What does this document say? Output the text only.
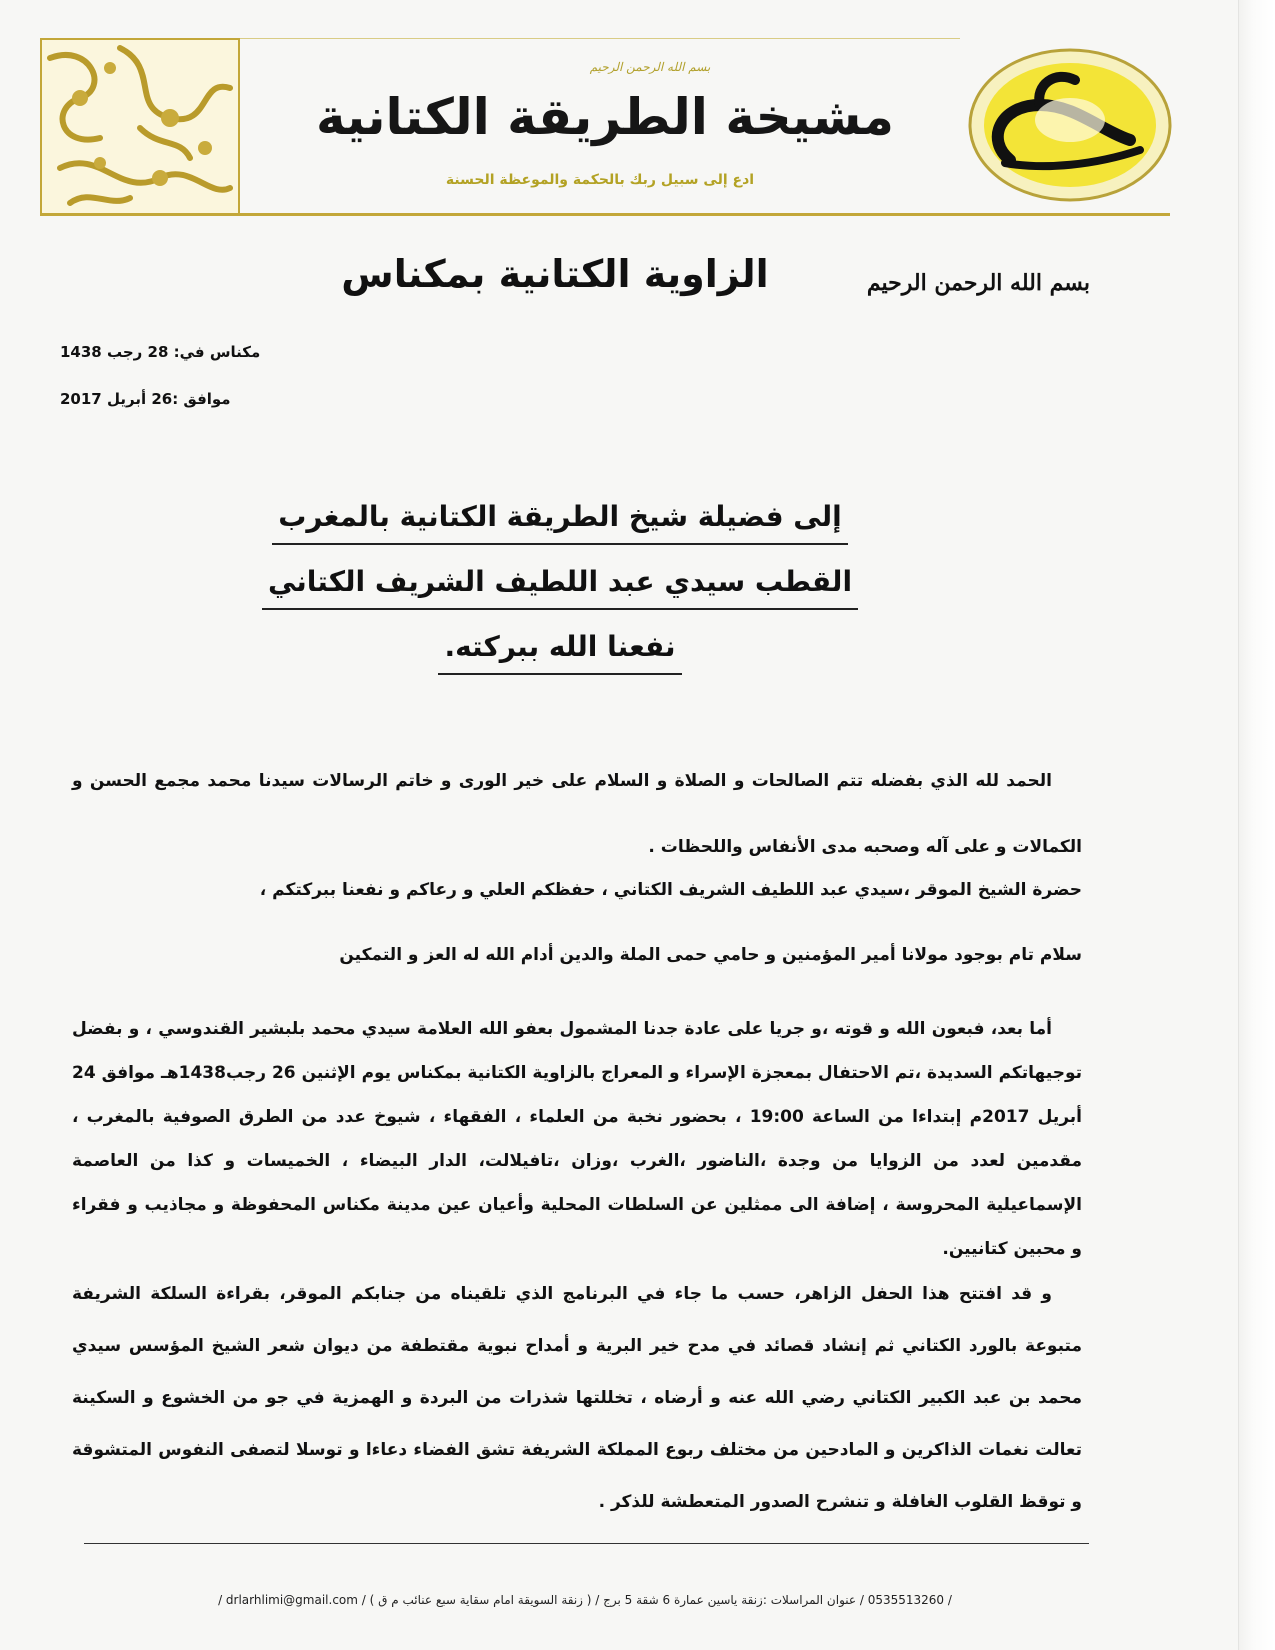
بسم الله الرحمن الرحيم
مشيخة الطريقة الكتانية
ادع إلى سبيل ربك بالحكمة والموعظة الحسنة
بسم الله الرحمن الرحيم
الزاوية الكتانية بمكناس
مكناس في: 28 رجب 1438
موافق :26 أبريل 2017
إلى فضيلة شيخ الطريقة الكتانية بالمغرب
القطب سيدي عبد اللطيف الشريف الكتاني
نفعنا الله ببركته.
الحمد لله الذي بفضله تتم الصالحات و الصلاة و السلام على خير الورى و خاتم الرسالات سيدنا محمد مجمع الحسن و الكمالات و على آله وصحبه مدى الأنفاس واللحظات .
حضرة الشيخ الموقر ،سيدي عبد اللطيف الشريف الكتاني ، حفظكم العلي و رعاكم و نفعنا ببركتكم ،
سلام تام بوجود مولانا أمير المؤمنين و حامي حمى الملة والدين أدام الله له العز و التمكين
أما بعد، فبعون الله و قوته ،و جريا على عادة جدنا المشمول بعفو الله العلامة سيدي محمد بلبشير القندوسي ، و بفضل توجيهاتكم السديدة ،تم الاحتفال بمعجزة الإسراء و المعراج بالزاوية الكتانية بمكناس يوم الإثنين 26 رجب1438هـ موافق 24 أبريل 2017م إبتداءا من الساعة 19:00 ، بحضور نخبة من العلماء ، الفقهاء ، شيوخ عدد من الطرق الصوفية بالمغرب ، مقدمين لعدد من الزوايا من وجدة ،الناضور ،الغرب ،وزان ،تافيلالت، الدار البيضاء ، الخميسات و كذا من العاصمة الإسماعيلية المحروسة ، إضافة الى ممثلين عن السلطات المحلية وأعيان عين مدينة مكناس المحفوظة و مجاذيب و فقراء و محبين كتانيين.
و قد افتتح هذا الحفل الزاهر، حسب ما جاء في البرنامج الذي تلقيناه من جنابكم الموقر، بقراءة السلكة الشريفة متبوعة بالورد الكتاني ثم إنشاد قصائد في مدح خير البرية و أمداح نبوية مقتطفة من ديوان شعر الشيخ المؤسس سيدي محمد بن عبد الكبير الكتاني رضي الله عنه و أرضاه ، تخللتها شذرات من البردة و الهمزية في جو من الخشوع و السكينة تعالت نغمات الذاكرين و المادحين من مختلف ربوع المملكة الشريفة تشق الفضاء دعاءا و توسلا لتصفى النفوس المتشوقة و توقظ القلوب الغافلة و تنشرح الصدور المتعطشة للذكر .
/ 0535513260 / عنوان المراسلات :زنقة ياسين عمارة 6 شقة 5 برج / ( زنقة السويقة امام سقاية سبع عنائب م ق ) / drlarhlimi@gmail.com /
